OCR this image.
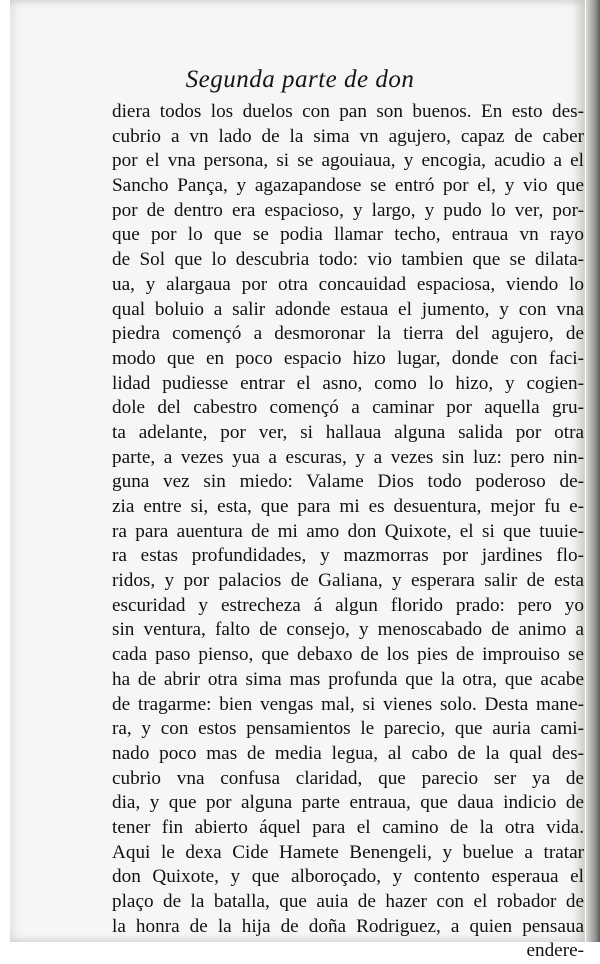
Segunda parte de don
diera todos los duelos con pan son buenos. En esto des-
cubrio a vn lado de la sima vn agujero, capaz de caber
por el vna persona, si se agouiaua, y encogia, acudio a el
Sancho Pança, y agazapandose se entró por el, y vio que
por de dentro era espacioso, y largo, y pudo lo ver, por-
que por lo que se podia llamar techo, entraua vn rayo
de Sol que lo descubria todo: vio tambien que se dilata-
ua, y alargaua por otra concauidad espaciosa, viendo lo
qual boluio a salir adonde estaua el jumento, y con vna
piedra començó a desmoronar la tierra del agujero, de
modo que en poco espacio hizo lugar, donde con faci-
lidad pudiesse entrar el asno, como lo hizo, y cogien-
dole del cabestro començó a caminar por aquella gru-
ta adelante, por ver, si hallaua alguna salida por otra
parte, a vezes yua a escuras, y a vezes sin luz: pero nin-
guna vez sin miedo: Valame Dios todo poderoso de-
zia entre si, esta, que para mi es desuentura, mejor fu e-
ra para auentura de mi amo don Quixote, el si que tuuie-
ra estas profundidades, y mazmorras por jardines flo-
ridos, y por palacios de Galiana, y esperara salir de esta
escuridad y estrecheza á algun florido prado: pero yo
sin ventura, falto de consejo, y menoscabado de animo a
cada paso pienso, que debaxo de los pies de improuiso se
ha de abrir otra sima mas profunda que la otra, que acabe
de tragarme: bien vengas mal, si vienes solo. Desta mane-
ra, y con estos pensamientos le parecio, que auria cami-
nado poco mas de media legua, al cabo de la qual des-
cubrio vna confusa claridad, que parecio ser ya de
dia, y que por alguna parte entraua, que daua indicio de
tener fin abierto áquel para el camino de la otra vida.
Aqui le dexa Cide Hamete Benengeli, y buelue a tratar
don Quixote, y que alboroçado, y contento esperaua el
plaço de la batalla, que auia de hazer con el robador de
la honra de la hija de doña Rodriguez, a quien pensaua
endere-
